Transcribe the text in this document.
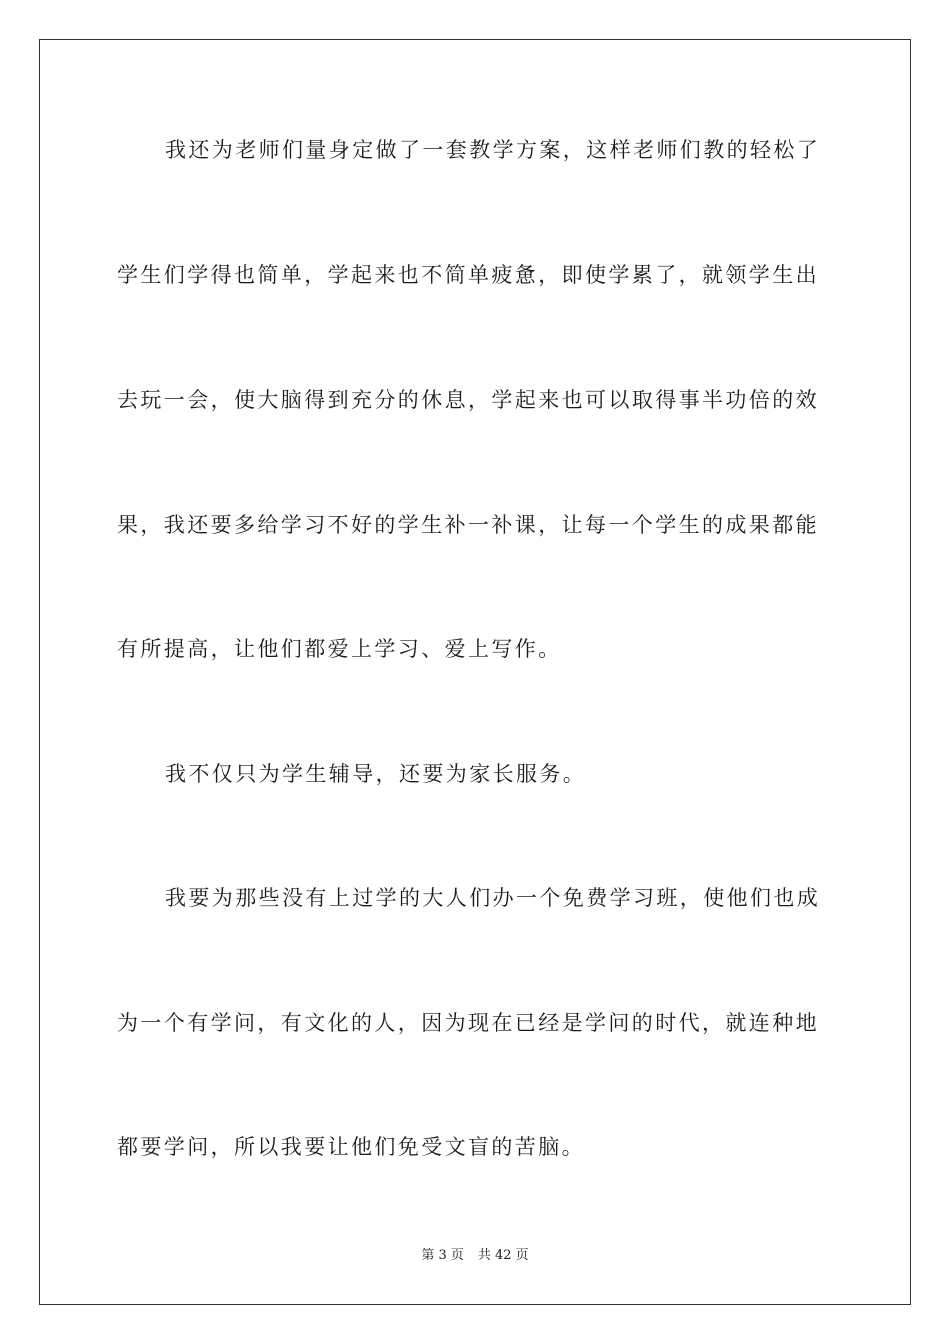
我还为老师们量身定做了一套教学方案，这样老师们教的轻松了
学生们学得也简单，学起来也不简单疲惫，即使学累了，就领学生出
去玩一会，使大脑得到充分的休息，学起来也可以取得事半功倍的效
果，我还要多给学习不好的学生补一补课，让每一个学生的成果都能
有所提高，让他们都爱上学习、爱上写作。
我不仅只为学生辅导，还要为家长服务。
我要为那些没有上过学的大人们办一个免费学习班，使他们也成
为一个有学问，有文化的人，因为现在已经是学问的时代，就连种地
都要学问，所以我要让他们免受文盲的苦脑。
第 3 页 共 42 页
